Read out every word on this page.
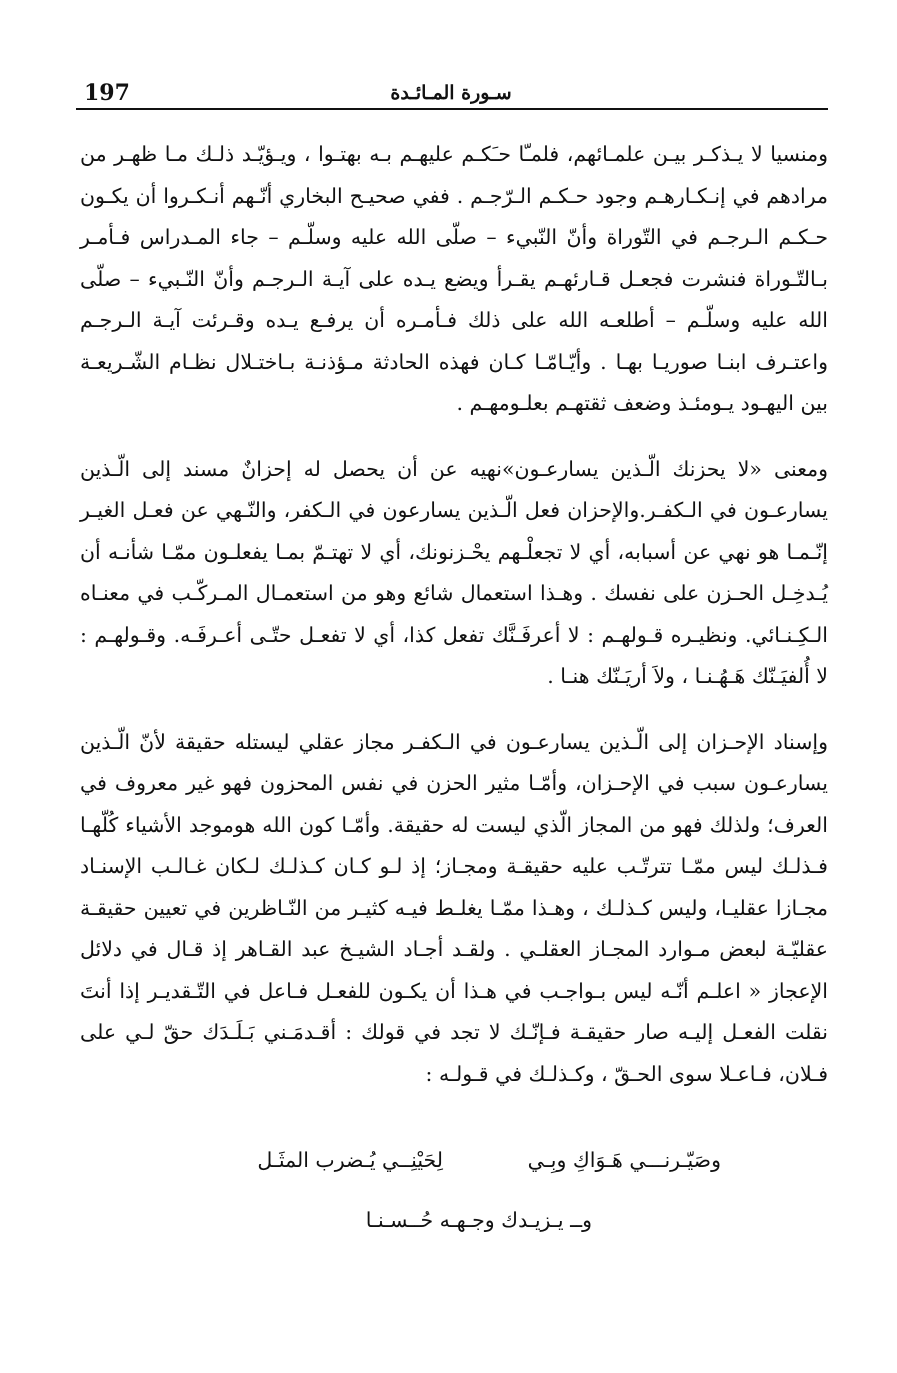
197	سـورة المـائـدة

ومنسيا لا يـذكـر بيـن علمـائهم، فلمـّا حـَكـم عليهـم بـه بهتـوا ، ويـؤيّـد ذلـك مـا ظهـر من مرادهم في إنـكـارهـم وجود حـكـم الـرّجـم . ففي صحيـح البخاري أنّـهم أنـكـروا أن يكـون حـكـم الـرجـم في التّوراة وأنّ النّبيء – صلّى الله عليه وسلّـم – جاء المـدراس فـأمـر بـالتّـوراة فنشرت فجعـل قـارئهـم يقـرأ ويضع يـده على آيـة الـرجـم وأنّ النّـبيء – صلّى الله عليه وسلّـم – أطلعـه الله على ذلك فـأمـره أن يرفـع يـده وقـرئت آيـة الـرجـم واعتـرف ابنـا صوريـا بهـا . وأيّـامّـا كـان فهذه الحادثة مـؤذنـة بـاختـلال نظـام الشّـريعـة بين اليهـود يـومئـذ وضعف ثقتهـم بعلـومهـم .

ومعنى «لا يحزنك الّـذين يسارعـون»نهيه عن أن يحصل له إحزانٌ مسند إلى الّـذين يسارعـون في الـكفـر.والإحزان فعل الّـذين يسارعون في الـكفر، والنّـهي عن فعـل الغيـر إنّـمـا هو نهي عن أسبابه، أي لا تجعلْـهم يحْـزنونك، أي لا تهتـمّ بمـا يفعلـون ممّـا شأنـه أن يُـدخِـل الحـزن على نفسك . وهـذا استعمال شائع وهو من استعمـال المـركّـب في معنـاه الـكِـنـائي. ونظيـره قـولهـم : لا أعرفَـنَّك تفعل كذا، أي لا تفعـل حتّـى أعـرفَـه. وقـولهـم : لا أُلفيَـنّك هَـهُـنـا ، ولاَ أريَـنّك هنـا .

وإسناد الإحـزان إلى الّـذين يسارعـون في الـكفـر مجاز عقلي ليستله حقيقة لأنّ الّـذين يسارعـون سبب في الإحـزان، وأمّـا مثير الحزن في نفس المحزون فهو غير معروف في العرف؛ ولذلك فهو من المجاز الّذي ليست له حقيقة. وأمّـا كون الله هوموجد الأشياء كُلّهـا فـذلـك ليس ممّـا تترتّـب عليه حقيقـة ومجـاز؛ إذ لـو كـان كـذلـك لـكان غـالـب الإسنـاد مجـازا عقليـا، وليس كـذلـك ، وهـذا ممّـا يغلـط فيـه كثيـر من النّـاظرين في تعيين حقيقـة عقليّـة لبعض مـوارد المجـاز العقلـي . ولقـد أجـاد الشيـخ عبد القـاهر إذ قـال في دلائل الإعجاز « اعلـم أنّـه ليس بـواجـب في هـذا أن يكـون للفعـل فـاعل في التّـقديـر إذا أنتَ نقلت الفعـل إليـه صار حقيقـة فـإنّـك لا تجد في قولك : أقـدمَـني بَـلَـدَك حقّ لـي على فـلان، فـاعـلا سوى الحـقّ ، وكـذلـك في قـولـه :

وصَيّـرنـــي هَـوَاكِ وبِـي
لِحَيْنِــي يُـضرب المثَـل
وــ يـزيـدك وجـهـه حُــسـنـا
